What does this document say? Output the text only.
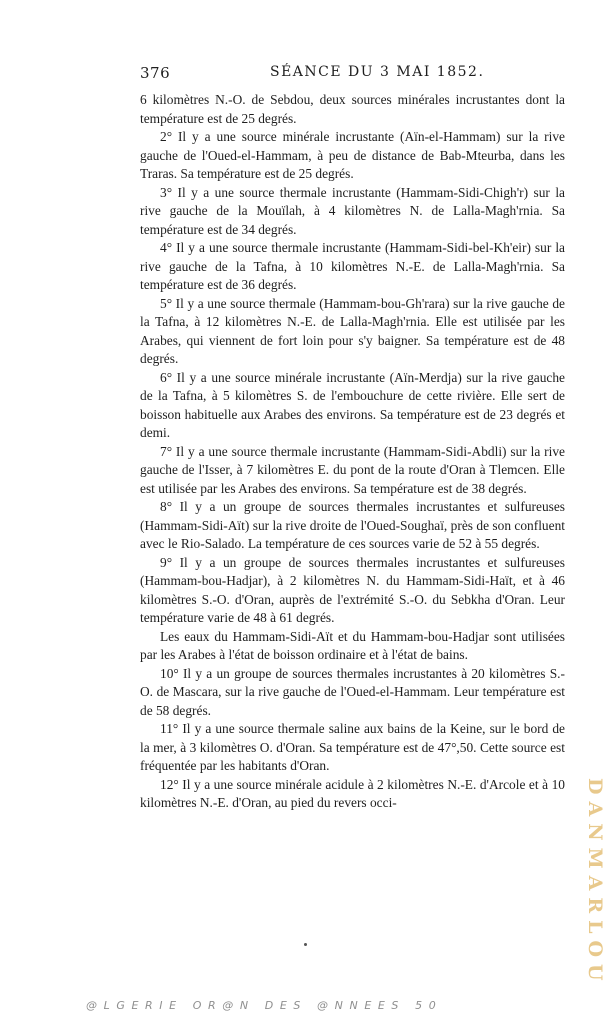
376	SÉANCE DU 3 MAI 1852.

6 kilomètres N.-O. de Sebdou, deux sources minérales incrustantes dont la température est de 25 degrés.

2° Il y a une source minérale incrustante (Aïn-el-Hammam) sur la rive gauche de l'Oued-el-Hammam, à peu de distance de Bab-Mteurba, dans les Traras. Sa température est de 25 degrés.

3° Il y a une source thermale incrustante (Hammam-Sidi-Chigh'r) sur la rive gauche de la Mouïlah, à 4 kilomètres N. de Lalla-Magh'rnia. Sa température est de 34 degrés.

4° Il y a une source thermale incrustante (Hammam-Sidi-bel-Kh'eir) sur la rive gauche de la Tafna, à 10 kilomètres N.-E. de Lalla-Magh'rnia. Sa température est de 36 degrés.

5° Il y a une source thermale (Hammam-bou-Gh'rara) sur la rive gauche de la Tafna, à 12 kilomètres N.-E. de Lalla-Magh'rnia. Elle est utilisée par les Arabes, qui viennent de fort loin pour s'y baigner. Sa température est de 48 degrés.

6° Il y a une source minérale incrustante (Aïn-Merdja) sur la rive gauche de la Tafna, à 5 kilomètres S. de l'embouchure de cette rivière. Elle sert de boisson habituelle aux Arabes des environs. Sa température est de 23 degrés et demi.

7° Il y a une source thermale incrustante (Hammam-Sidi-Abdli) sur la rive gauche de l'Isser, à 7 kilomètres E. du pont de la route d'Oran à Tlemcen. Elle est utilisée par les Arabes des environs. Sa température est de 38 degrés.

8° Il y a un groupe de sources thermales incrustantes et sulfureuses (Hammam-Sidi-Aït) sur la rive droite de l'Oued-Soughaï, près de son confluent avec le Rio-Salado. La température de ces sources varie de 52 à 55 degrés.

9° Il y a un groupe de sources thermales incrustantes et sulfureuses (Hammam-bou-Hadjar), à 2 kilomètres N. du Hammam-Sidi-Haït, et à 46 kilomètres S.-O. d'Oran, auprès de l'extrémité S.-O. du Sebkha d'Oran. Leur température varie de 48 à 61 degrés.

Les eaux du Hammam-Sidi-Aït et du Hammam-bou-Hadjar sont utilisées par les Arabes à l'état de boisson ordinaire et à l'état de bains.

10° Il y a un groupe de sources thermales incrustantes à 20 kilomètres S.-O. de Mascara, sur la rive gauche de l'Oued-el-Hammam. Leur température est de 58 degrés.

11° Il y a une source thermale saline aux bains de la Keine, sur le bord de la mer, à 3 kilomètres O. d'Oran. Sa température est de 47°,50. Cette source est fréquentée par les habitants d'Oran.

12° Il y a une source minérale acidule à 2 kilomètres N.-E. d'Arcole et à 10 kilomètres N.-E. d'Oran, au pied du revers occi-	DANMARLOU
@LGERIE OR@N DES @NNEES 50
